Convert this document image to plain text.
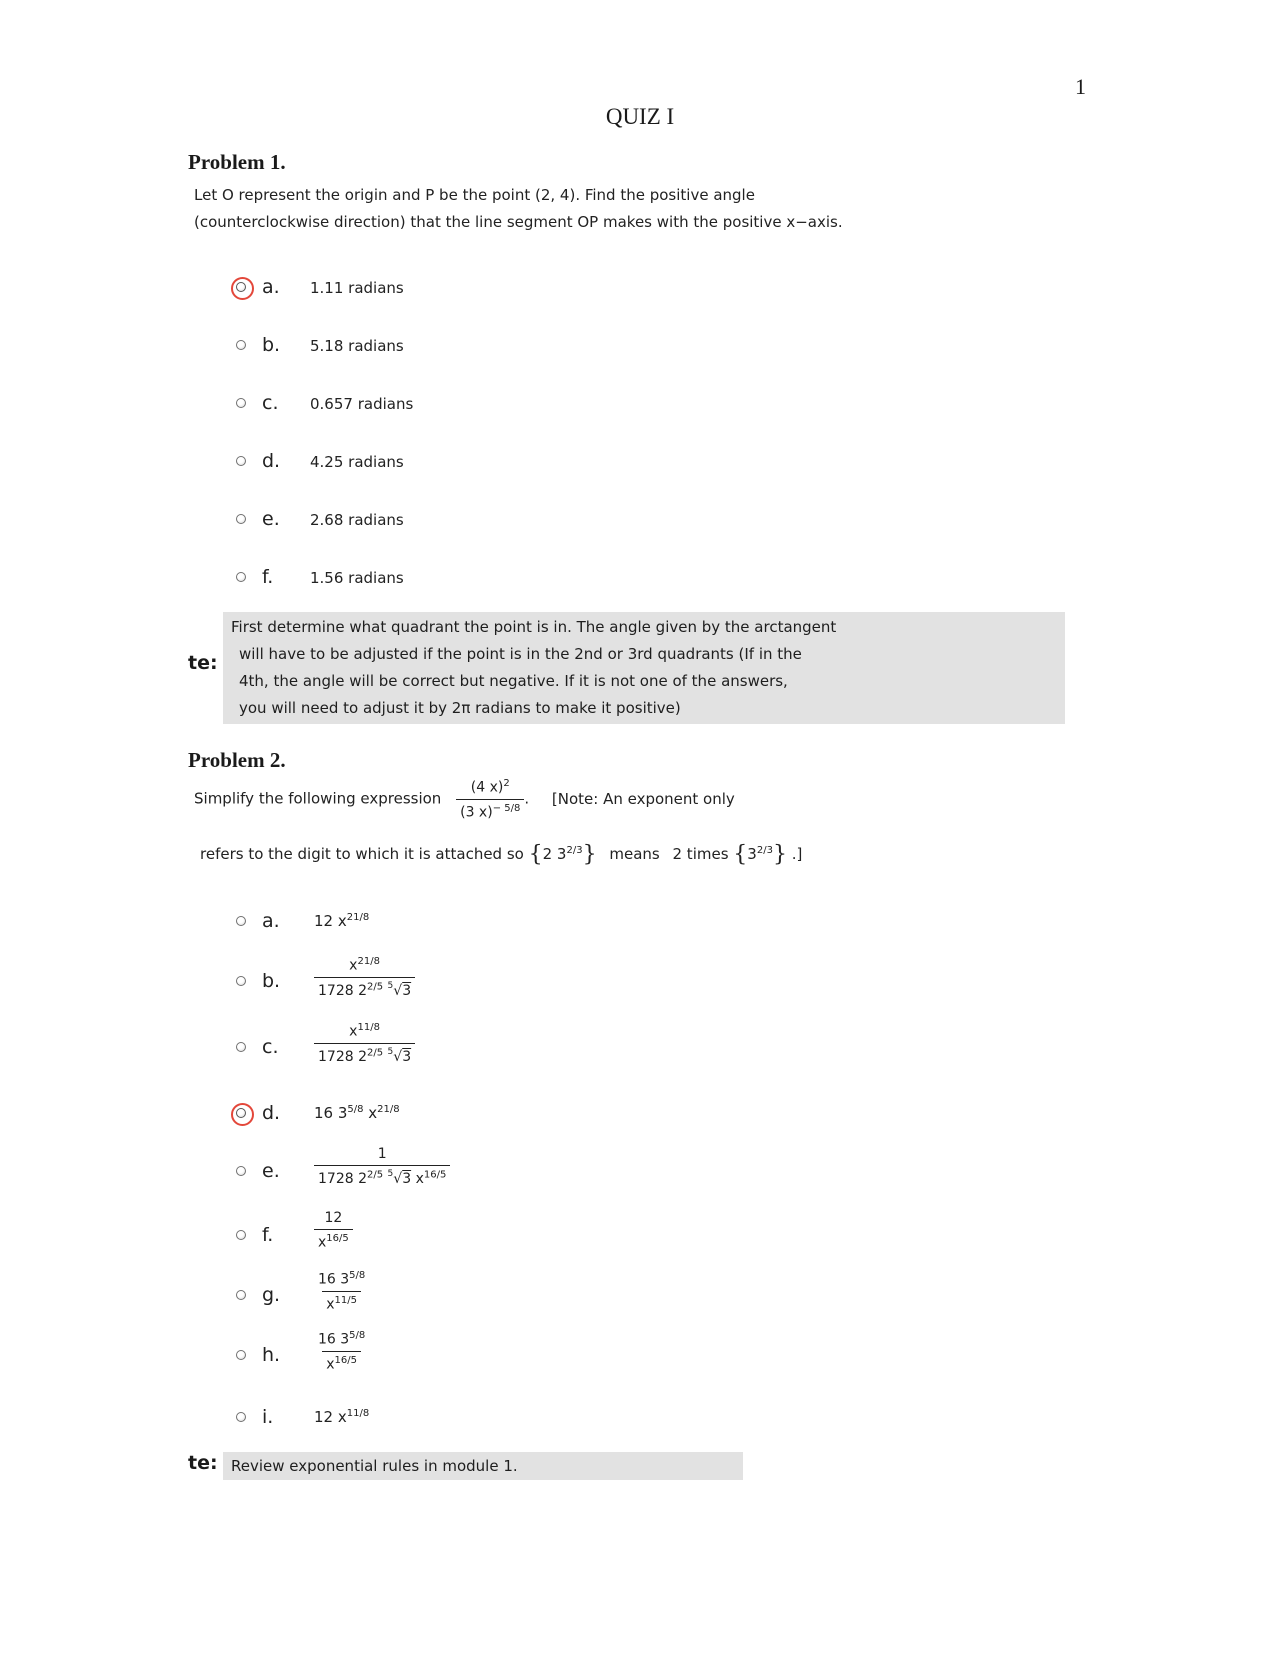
1
QUIZ I
Problem 1.
Let O represent the origin and P be the point (2, 4). Find the positive angle
(counterclockwise direction) that the line segment OP makes with the positive x−axis.
a. 1.11 radians
b. 5.18 radians
c. 0.657 radians
d. 4.25 radians
e. 2.68 radians
f. 1.56 radians
te:
First determine what quadrant the point is in. The angle given by the arctangent
will have to be adjusted if the point is in the 2nd or 3rd quadrants (If in the
4th, the angle will be correct but negative. If it is not one of the answers,
you will need to adjust it by 2π radians to make it positive)
Problem 2.
Simplify the following expression $\frac{(4 x)^2}{(3 x)^{- 5/8}}$ . [Note: An exponent only
refers to the digit to which it is attached so {2 $3^{2/3}$} means 2 times $\{3^{2/3}\}$ .]
a. 12 $x^{21/8}$
b. $\frac{x^{21/8}}{1728 2^{2/5} ^5√3}$
c.	$\frac{x^{11/8}}{1728 2^{2/5} ^5√3}$
d. 16 $3^{5/8}$ $x^{21/8}$
e. $\frac{1}{1728 2^{2/5} ^5√3 x^{16/5}}$
f.	$\frac{12}{x^{16/5}}$
g. $\frac{16 3^{5/8}}{x^{11/5}}$
h. $\frac{16 3^{5/8}}{x^{16/5}}$
i.	12 $x^{11/8}$
te: Review exponential rules in module 1.
